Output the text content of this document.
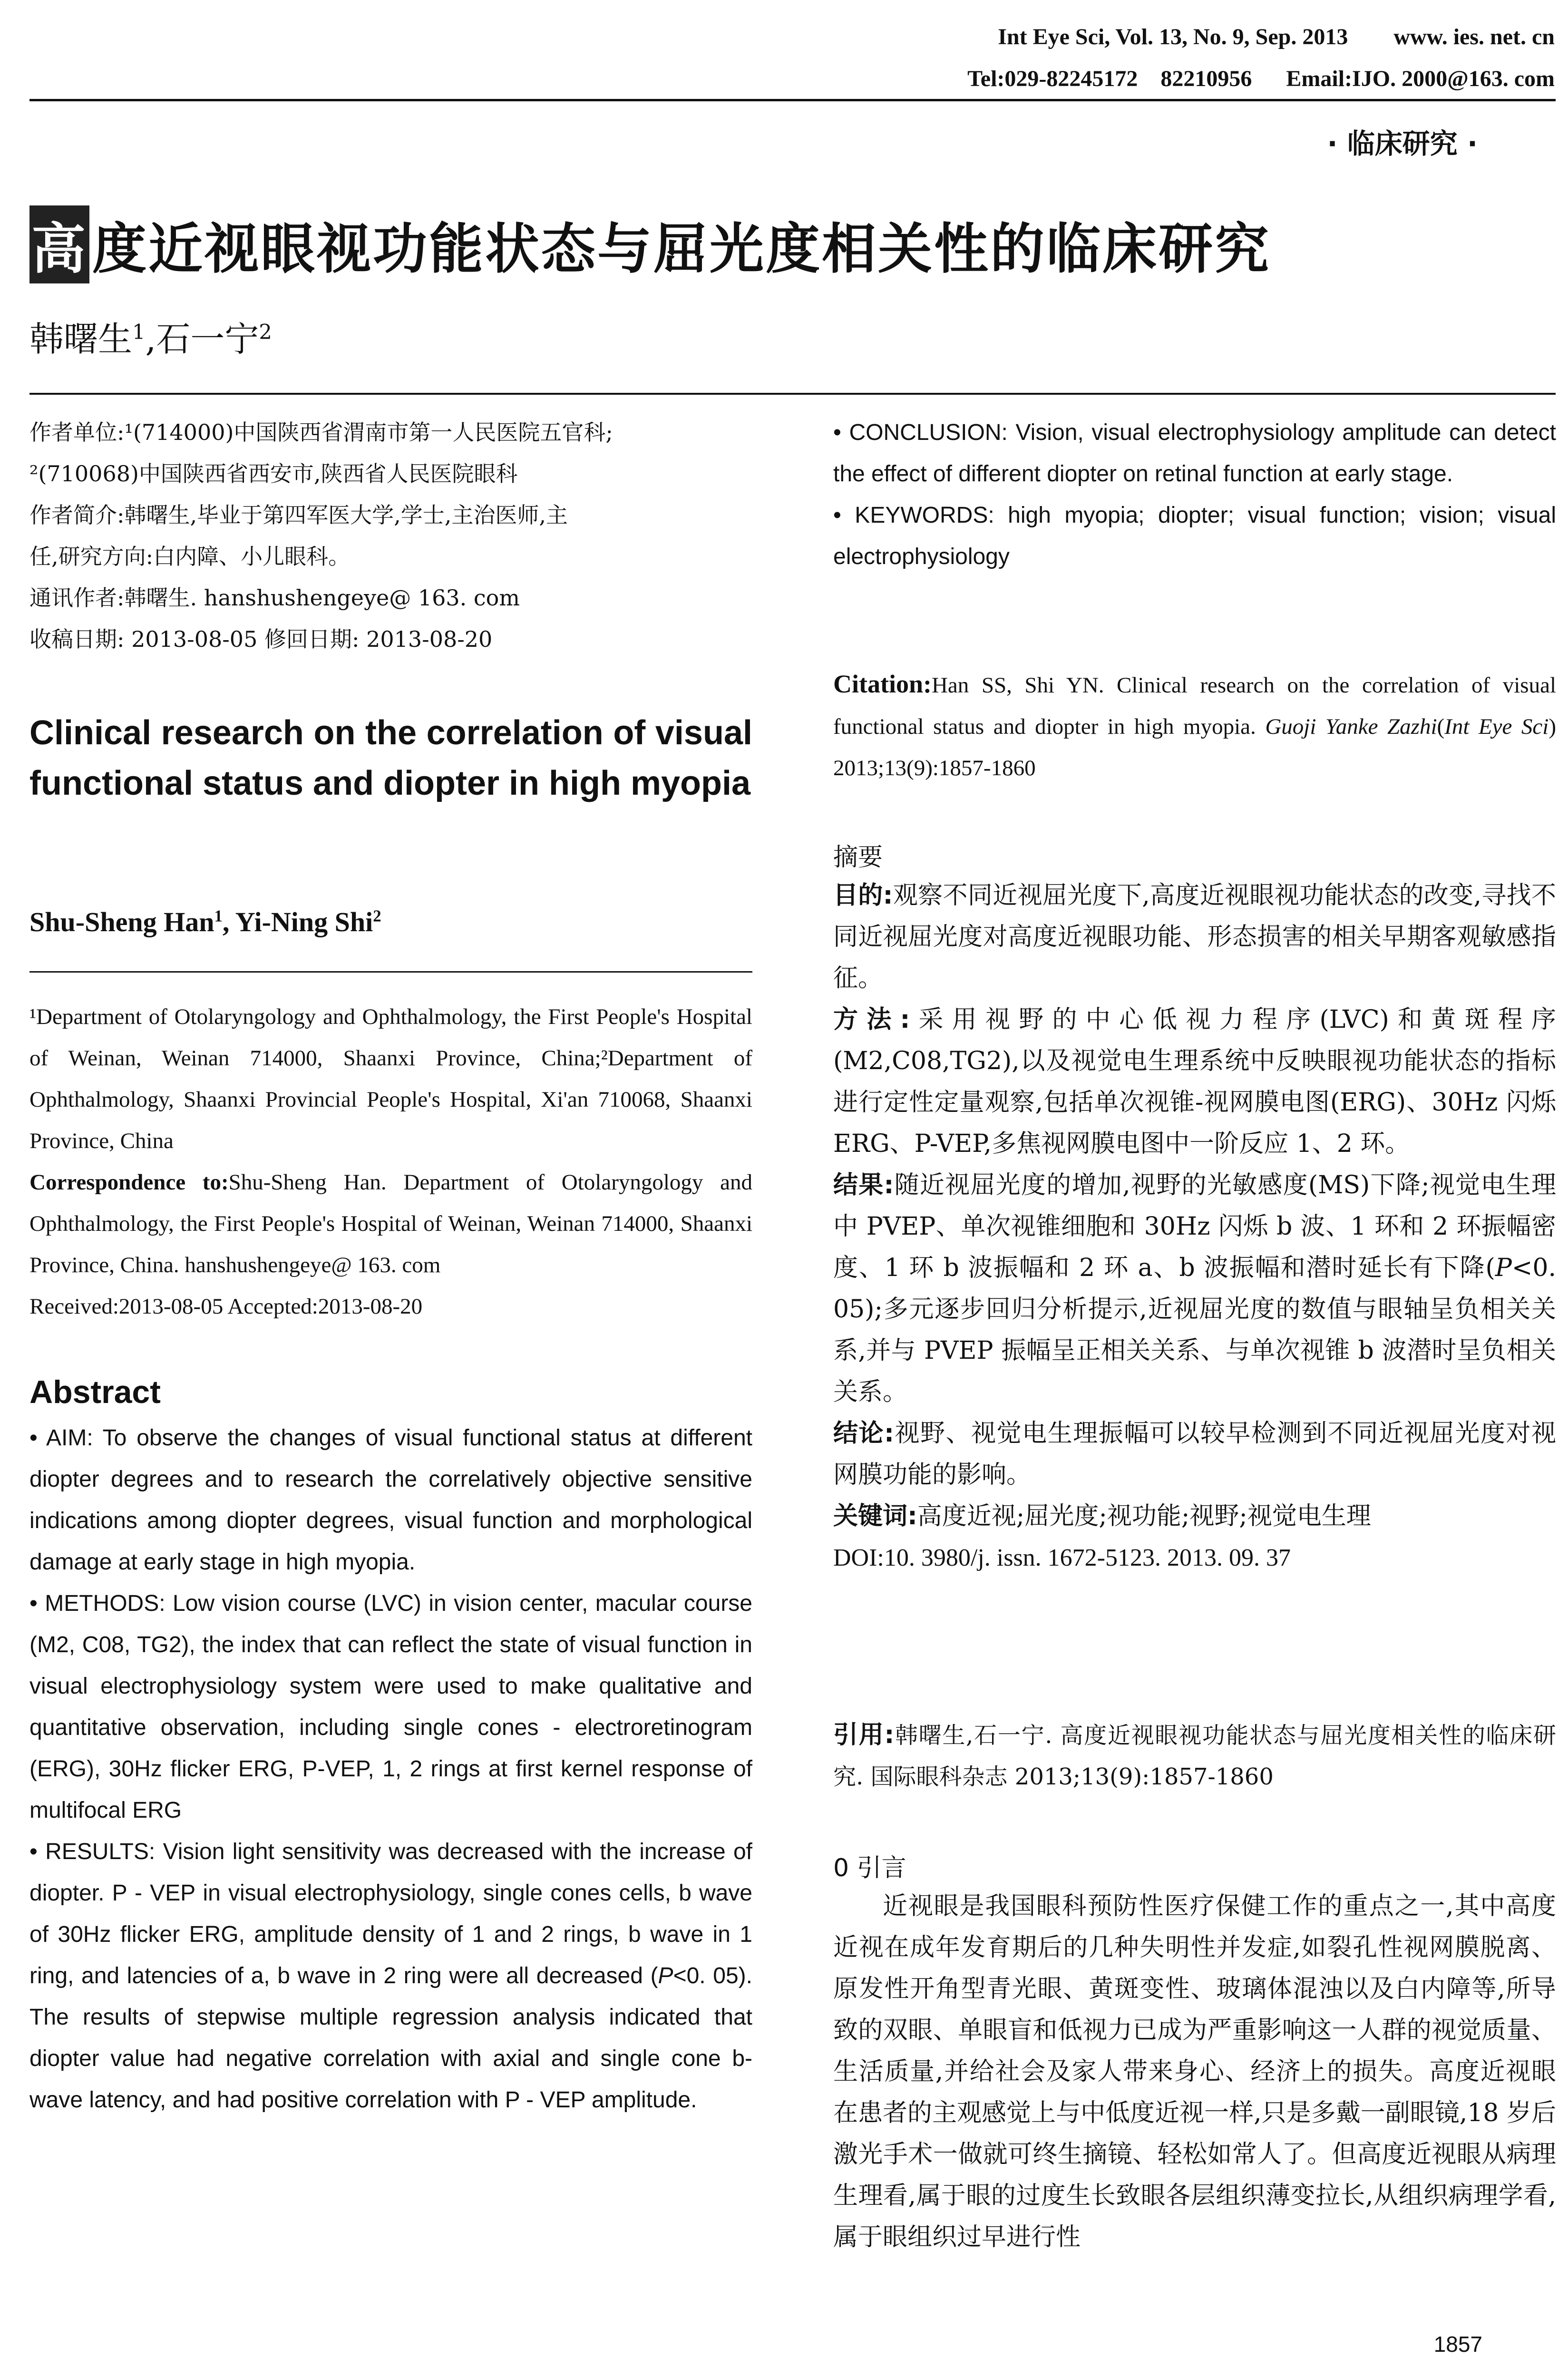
Int Eye Sci, Vol. 13, No. 9, Sep. 2013        www. ies. net. cn
Tel:029-82245172    82210956      Email:IJO. 2000@163. com
· 临床研究 ·
高度近视眼视功能状态与屈光度相关性的临床研究
韩曙生$^1$,石一宁$^2$
作者单位:¹(714000)中国陕西省渭南市第一人民医院五官科;
²(710068)中国陕西省西安市,陕西省人民医院眼科
作者简介:韩曙生,毕业于第四军医大学,学士,主治医师,主
任,研究方向:白内障、小儿眼科。
通讯作者:韩曙生. hanshushengeye@ 163. com
收稿日期: 2013-08-05 修回日期: 2013-08-20
Clinical research on the correlation of visual functional status and diopter in high myopia
Shu-Sheng Han$^1$, Yi-Ning Shi$^2$
¹Department of Otolaryngology and Ophthalmology, the First People's Hospital of Weinan, Weinan 714000, Shaanxi Province, China;²Department of Ophthalmology, Shaanxi Provincial People's Hospital, Xi'an 710068, Shaanxi Province, China
Correspondence to:Shu-Sheng Han. Department of Otolaryngology and Ophthalmology, the First People's Hospital of Weinan, Weinan 714000, Shaanxi Province, China. hanshushengeye@ 163. com
Received:2013-08-05 Accepted:2013-08-20
Abstract
• AIM: To observe the changes of visual functional status at different diopter degrees and to research the correlatively objective sensitive indications among diopter degrees, visual function and morphological damage at early stage in high myopia.
• METHODS: Low vision course (LVC) in vision center, macular course (M2, C08, TG2), the index that can reflect the state of visual function in visual electrophysiology system were used to make qualitative and quantitative observation, including single cones - electroretinogram (ERG), 30Hz flicker ERG, P-VEP, 1, 2 rings at first kernel response of multifocal ERG
• RESULTS: Vision light sensitivity was decreased with the increase of diopter. P - VEP in visual electrophysiology, single cones cells, b wave of 30Hz flicker ERG, amplitude density of 1 and 2 rings, b wave in 1 ring, and latencies of a, b wave in 2 ring were all decreased (P<0. 05). The results of stepwise multiple regression analysis indicated that diopter value had negative correlation with axial and single cone b-wave latency, and had positive correlation with P - VEP amplitude.
• CONCLUSION: Vision, visual electrophysiology amplitude can detect the effect of different diopter on retinal function at early stage.
• KEYWORDS: high myopia; diopter; visual function; vision; visual electrophysiology
Citation:Han SS, Shi YN. Clinical research on the correlation of visual functional status and diopter in high myopia. Guoji Yanke Zazhi(Int Eye Sci) 2013;13(9):1857-1860
摘要
目的:观察不同近视屈光度下,高度近视眼视功能状态的改变,寻找不同近视屈光度对高度近视眼功能、形态损害的相关早期客观敏感指征。
方法:采用视野的中心低视力程序(LVC)和黄斑程序(M2,C08,TG2),以及视觉电生理系统中反映眼视功能状态的指标进行定性定量观察,包括单次视锥-视网膜电图(ERG)、30Hz 闪烁 ERG、P-VEP,多焦视网膜电图中一阶反应 1、2 环。
结果:随近视屈光度的增加,视野的光敏感度(MS)下降;视觉电生理中 PVEP、单次视锥细胞和 30Hz 闪烁 b 波、1 环和 2 环振幅密度、1 环 b 波振幅和 2 环 a、b 波振幅和潜时延长有下降(P<0. 05);多元逐步回归分析提示,近视屈光度的数值与眼轴呈负相关关系,并与 PVEP 振幅呈正相关关系、与单次视锥 b 波潜时呈负相关关系。
结论:视野、视觉电生理振幅可以较早检测到不同近视屈光度对视网膜功能的影响。
关键词:高度近视;屈光度;视功能;视野;视觉电生理
DOI:10. 3980/j. issn. 1672-5123. 2013. 09. 37
引用:韩曙生,石一宁. 高度近视眼视功能状态与屈光度相关性的临床研究. 国际眼科杂志 2013;13(9):1857-1860
0 引言
近视眼是我国眼科预防性医疗保健工作的重点之一,其中高度近视在成年发育期后的几种失明性并发症,如裂孔性视网膜脱离、原发性开角型青光眼、黄斑变性、玻璃体混浊以及白内障等,所导致的双眼、单眼盲和低视力已成为严重影响这一人群的视觉质量、生活质量,并给社会及家人带来身心、经济上的损失。高度近视眼在患者的主观感觉上与中低度近视一样,只是多戴一副眼镜,18 岁后激光手术一做就可终生摘镜、轻松如常人了。但高度近视眼从病理生理看,属于眼的过度生长致眼各层组织薄变拉长,从组织病理学看,属于眼组织过早进行性
1857
